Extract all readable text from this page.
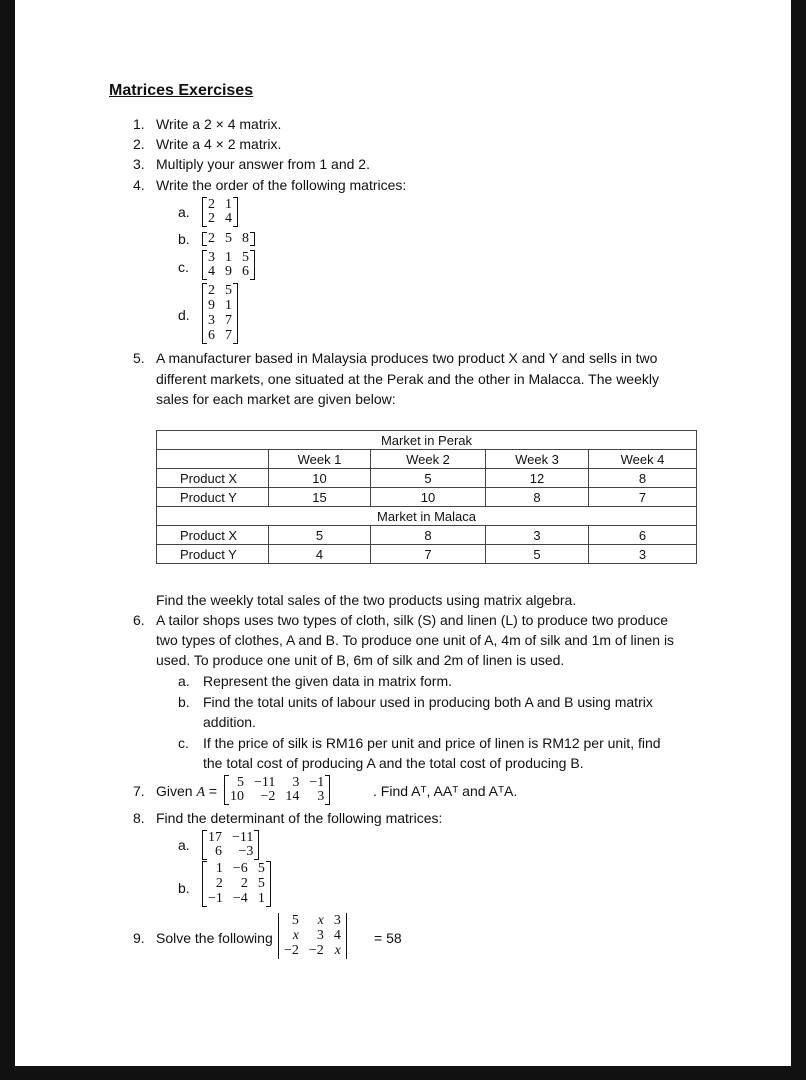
Matrices Exercises
1. Write a 2 × 4 matrix.
2. Write a 4 × 2 matrix.
3. Multiply your answer from 1 and 2.
4. Write the order of the following matrices:
a. 2 1
2 4
b. 2 5 8
c.
3 1 5
4 9 6
d.
2 5
9 1
3 7
6 7
5. A manufacturer based in Malaysia produces two product X and Y and sells in two
different markets, one situated at the Perak and the other in Malacca. The weekly
sales for each market are given below:
Market in Perak				
	Week 1	Week 2	Week 3	Week 4
Product X	10	5	12	8
Product Y	15	10	8	7
Market in Malaca				
Product X	5	8	3	6
Product Y	4	7	5	3
Find the weekly total sales of the two products using matrix algebra.
6. A tailor shops uses two types of cloth, silk (S) and linen (L) to produce two produce
two types of clothes, A and B. To produce one unit of A, 4m of silk and 1m of linen is
used. To produce one unit of B, 6m of silk and 2m of linen is used.
a. Represent the given data in matrix form.
b. Find the total units of labour used in producing both A and B using matrix
addition.
c. If the price of silk is RM16 per unit and price of linen is RM12 per unit, find
the total cost of producing A and the total cost of producing B.
7. Given A =
5 −11	3 −1
10	−2 14	3	. Find Aᵀ, AAᵀ and AᵀA.
8. Find the determinant of the following matrices:
a. 17 −11
6	−3
b.
1 −6 5
2	2 5
−1 −4 1
9. Solve the following
5	x 3
x	3 4
−2 −2 x
= 58
